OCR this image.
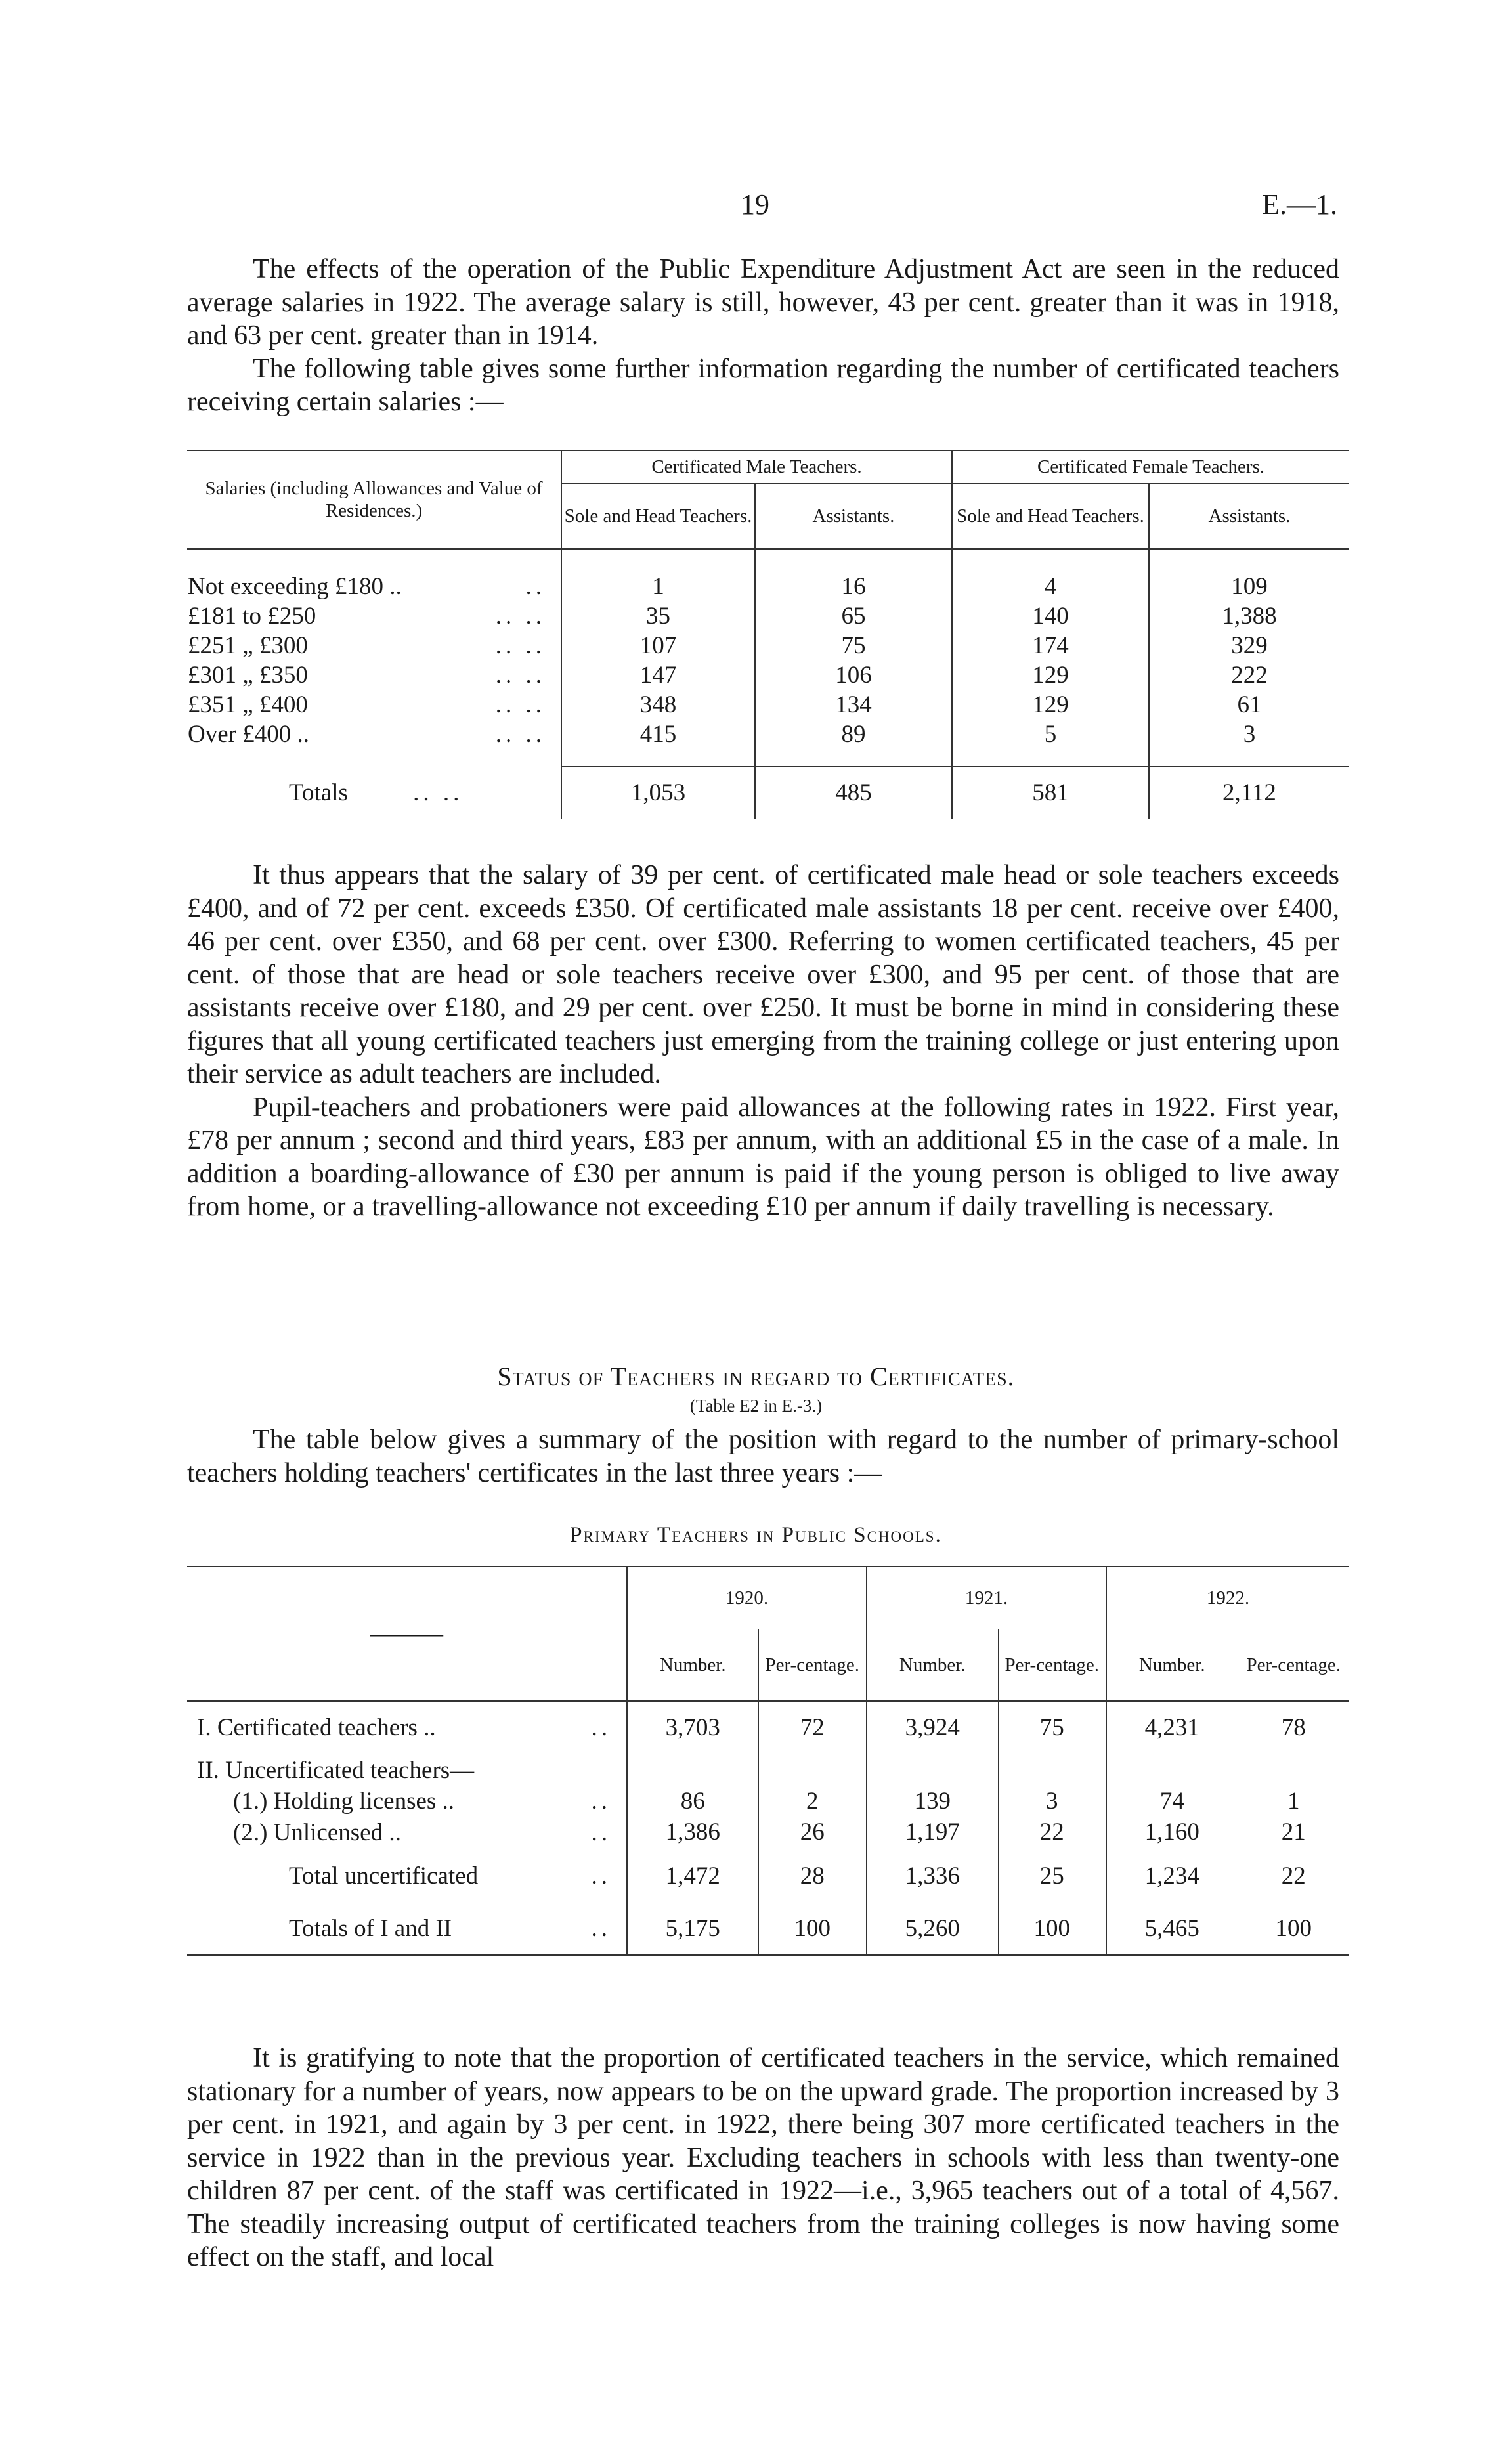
19	E.—1.

The effects of the operation of the Public Expenditure Adjustment Act are seen in the reduced average salaries in 1922. The average salary is still, however, 43 per cent. greater than it was in 1918, and 63 per cent. greater than in 1914.

The following table gives some further information regarding the number of certificated teachers receiving certain salaries :—

Salaries (including Allowances and Value of Residences.)	Certificated Male Teachers.		Certificated Female Teachers.	
	Sole and Head Teachers.	Assistants.	Sole and Head Teachers.	Assistants.

Not exceeding £180 .. ..	1	16	4	109
£181 to £250 .. ..	35	65	140	1,388
£251 „ £300 .. ..	107	75	174	329
£301 „ £350 .. ..	147	106	129	222
£351 „ £400 .. ..	348	134	129	61
Over £400 .. .. ..	415	89	5	3

Totals .. ..	1,053	485	581	2,112

It thus appears that the salary of 39 per cent. of certificated male head or sole teachers exceeds £400, and of 72 per cent. exceeds £350. Of certificated male assistants 18 per cent. receive over £400, 46 per cent. over £350, and 68 per cent. over £300. Referring to women certificated teachers, 45 per cent. of those that are head or sole teachers receive over £300, and 95 per cent. of those that are assistants receive over £180, and 29 per cent. over £250. It must be borne in mind in considering these figures that all young certificated teachers just emerging from the training college or just entering upon their service as adult teachers are included.

Pupil-teachers and probationers were paid allowances at the following rates in 1922. First year, £78 per annum ; second and third years, £83 per annum, with an additional £5 in the case of a male. In addition a boarding-allowance of £30 per annum is paid if the young person is obliged to live away from home, or a travelling-allowance not exceeding £10 per annum if daily travelling is necessary.

Status of Teachers in regard to Certificates.
(Table E2 in E.-3.)

The table below gives a summary of the position with regard to the number of primary-school teachers holding teachers' certificates in the last three years :—

Primary Teachers in Public Schools.
———	1920.		1921.		1922.	
	Number.	Per-centage.	Number.	Per-centage.	Number.	Per-centage.
I. Certificated teachers .. ..	3,703	72	3,924	75	4,231	78
II. Uncertificated teachers—

(1.) Holding licenses .. ..	86	2	139	3	74	1
(2.) Unlicensed .. ..	1,386	26	1,197	22	1,160	21
Total uncertificated ..	1,472	28	1,336	25	1,234	22
Totals of I and II ..	5,175	100	5,260	100	5,465	100

It is gratifying to note that the proportion of certificated teachers in the service, which remained stationary for a number of years, now appears to be on the upward grade. The proportion increased by 3 per cent. in 1921, and again by 3 per cent. in 1922, there being 307 more certificated teachers in the service in 1922 than in the previous year. Excluding teachers in schools with less than twenty-one children 87 per cent. of the staff was certificated in 1922—i.e., 3,965 teachers out of a total of 4,567. The steadily increasing output of certificated teachers from the training colleges is now having some effect on the staff, and local
